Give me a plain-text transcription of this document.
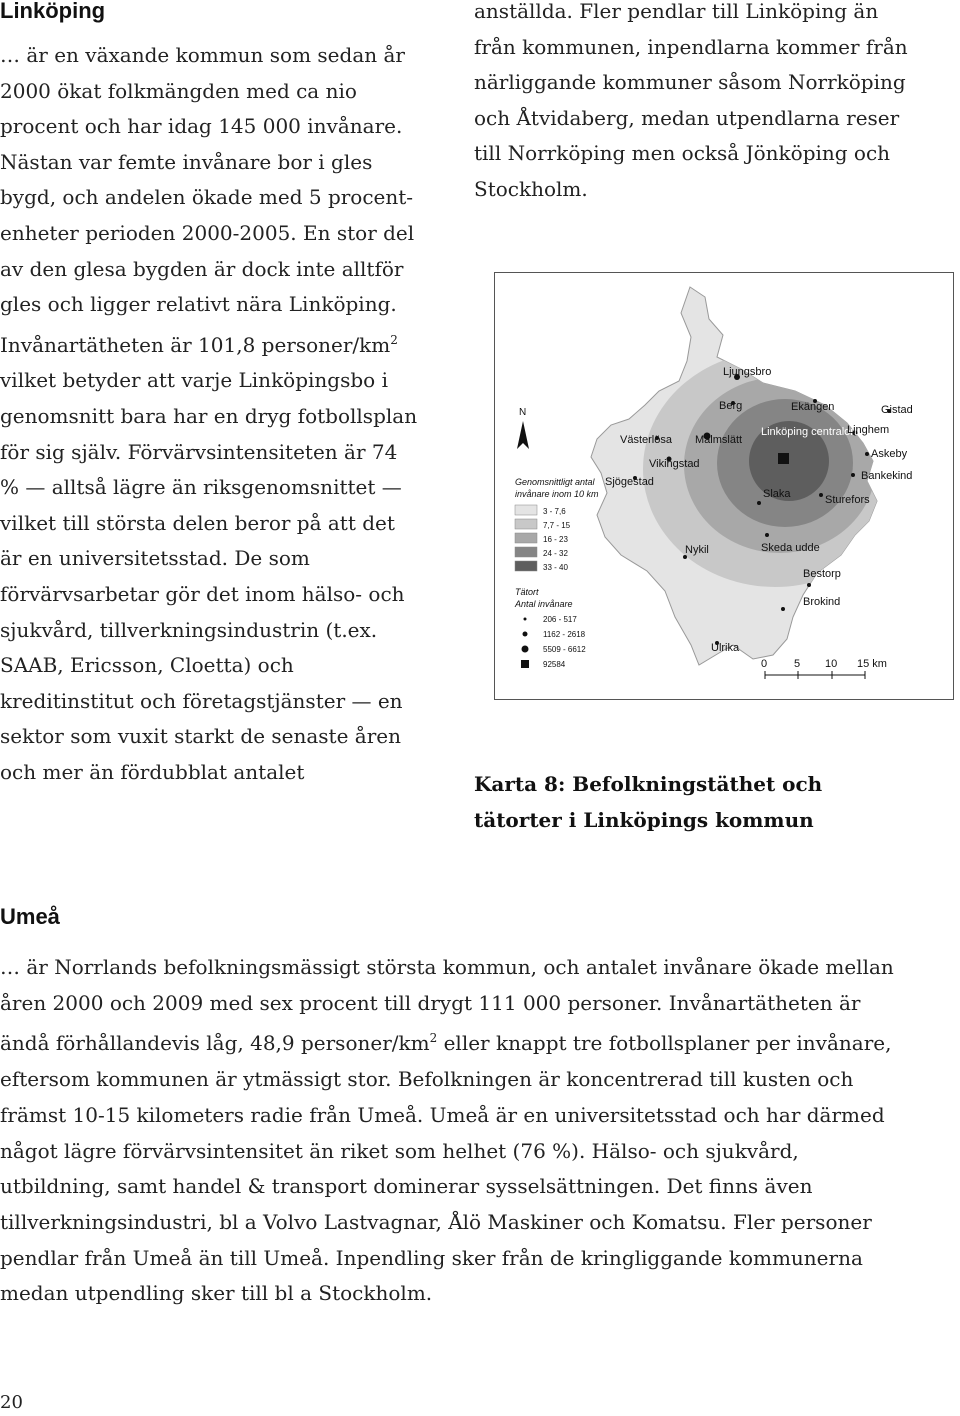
Linköping

… är en växande kommun som sedan år 2000 ökat folkmängden med ca nio procent och har idag 145 000 invånare. Nästan var femte invånare bor i gles bygd, och andelen ökade med 5 procent-enheter perioden 2000-2005. En stor del av den glesa bygden är dock inte alltför gles och ligger relativt nära Linköping. Invånartätheten är 101,8 personer/$km^2$ vilket betyder att varje Linköpingsbo i genomsnitt bara har en dryg fotbollsplan för sig själv. Förvärvsintensiteten är 74 % — alltså lägre än riksgenomsnittet — vilket till största delen beror på att det är en universitetsstad. De som förvärvsarbetar gör det inom hälso- och sjukvård, tillverkningsindustrin (t.ex. SAAB, Ericsson, Cloetta) och kreditinstitut och företagstjänster — en sektor som vuxit starkt de senaste åren och mer än fördubblat antalet

anställda. Fler pendlar till Linköping än från kommunen, inpendlarna kommer från närliggande kommuner såsom Norrköping och Åtvidaberg, medan utpendlarna reser till Norrköping men också Jönköping och Stockholm.

N
Genomsnittligt antal
invånare inom 10 km
3 - 7,6
7,7 - 15
16 - 23
24 - 32
33 - 40
Tätort
Antal invånare
206 - 517
1162 - 2618
5509 - 6612
92584
Ljungsbro
Berg	Ekängen	Gistad
Västerlösa Malmslätt
Linköping centralort
Linghem
Askeby
Vikingstad
Bankekind
Sjögestad
Slaka	Sturefors
Nykil	Skeda udde
Bestorp
Brokind
Ulrika
0 5 10 15 km
Karta 8: Befolkningstäthet och tätorter i Linköpings kommun
Umeå
… är Norrlands befolkningsmässigt största kommun, och antalet invånare ökade mellan åren 2000 och 2009 med sex procent till drygt 111 000 personer. Invånartätheten är ändå förhållandevis låg, 48,9 personer/$km^2$ eller knappt tre fotbollsplaner per invånare, eftersom kommunen är ytmässigt stor. Befolkningen är koncentrerad till kusten och främst 10-15 kilometers radie från Umeå. Umeå är en universitetsstad och har därmed något lägre förvärvsintensitet än riket som helhet (76 %). Hälso- och sjukvård, utbildning, samt handel & transport dominerar sysselsättningen. Det finns även tillverkningsindustri, bl a Volvo Lastvagnar, Ålö Maskiner och Komatsu. Fler personer pendlar från Umeå än till Umeå. Inpendling sker från de kringliggande kommunerna medan utpendling sker till bl a Stockholm.
20
